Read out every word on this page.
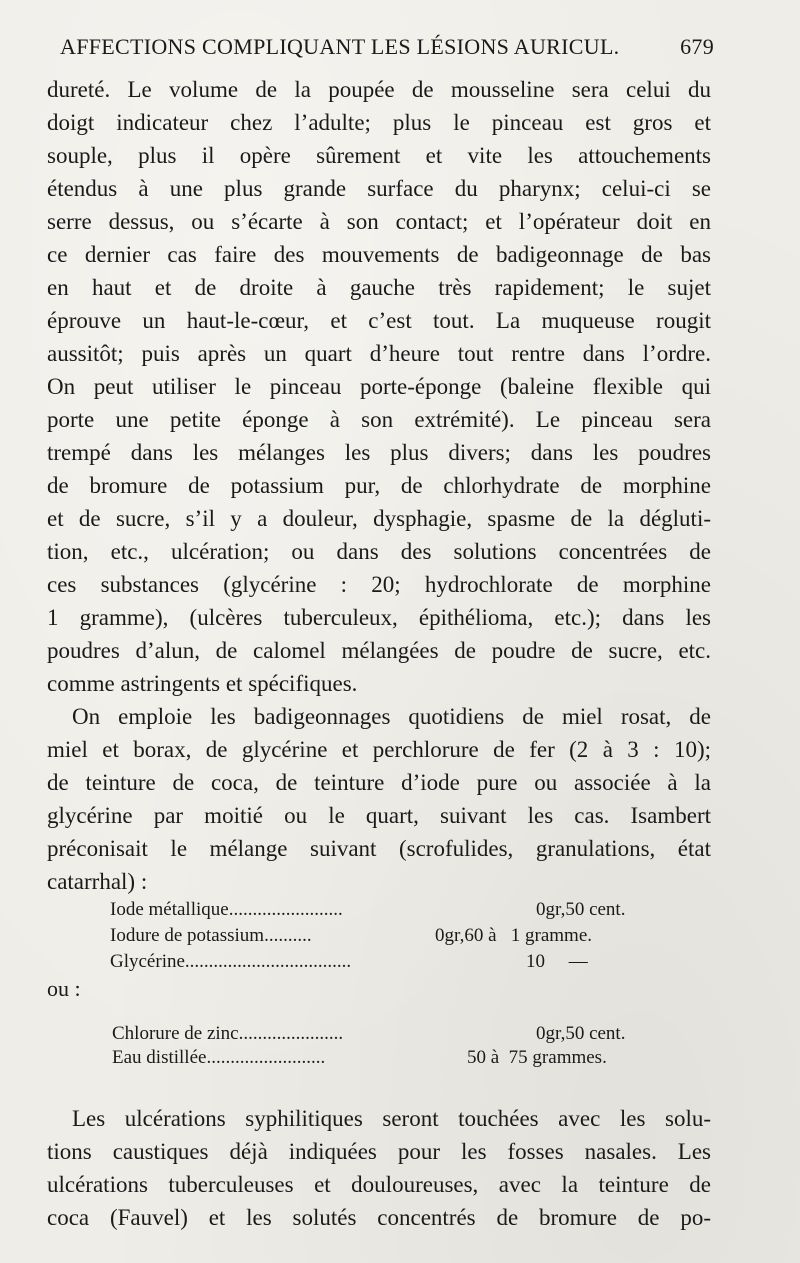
AFFECTIONS COMPLIQUANT LES LÉSIONS AURICUL.	679
dureté. Le volume de la poupée de mousseline sera celui du
doigt indicateur chez l’adulte; plus le pinceau est gros et
souple, plus il opère sûrement et vite les attouchements
étendus à une plus grande surface du pharynx; celui-ci se
serre dessus, ou s’écarte à son contact; et l’opérateur doit en
ce dernier cas faire des mouvements de badigeonnage de bas
en haut et de droite à gauche très rapidement; le sujet
éprouve un haut-le-cœur, et c’est tout. La muqueuse rougit
aussitôt; puis après un quart d’heure tout rentre dans l’ordre.
On peut utiliser le pinceau porte-éponge (baleine flexible qui
porte une petite éponge à son extrémité). Le pinceau sera
trempé dans les mélanges les plus divers; dans les poudres
de bromure de potassium pur, de chlorhydrate de morphine
et de sucre, s’il y a douleur, dysphagie, spasme de la dégluti-
tion, etc., ulcération; ou dans des solutions concentrées de
ces substances (glycérine : 20; hydrochlorate de morphine
1 gramme), (ulcères tuberculeux, épithélioma, etc.); dans les
poudres d’alun, de calomel mélangées de poudre de sucre, etc.
comme astringents et spécifiques.
On emploie les badigeonnages quotidiens de miel rosat, de
miel et borax, de glycérine et perchlorure de fer (2 à 3 : 10);
de teinture de coca, de teinture d’iode pure ou associée à la
glycérine par moitié ou le quart, suivant les cas. Isambert
préconisait le mélange suivant (scrofulides, granulations, état
catarrhal) :
Iode métallique........................	0gr,50 cent.
Iodure de potassium..........	0gr,60 à   1 gramme.
Glycérine...................................	10     —
ou :
Chlorure de zinc......................	0gr,50 cent.
Eau distillée.........................	50 à  75 grammes.
Les ulcérations syphilitiques seront touchées avec les solu-
tions caustiques déjà indiquées pour les fosses nasales. Les
ulcérations tuberculeuses et douloureuses, avec la teinture de
coca (Fauvel) et les solutés concentrés de bromure de po-
